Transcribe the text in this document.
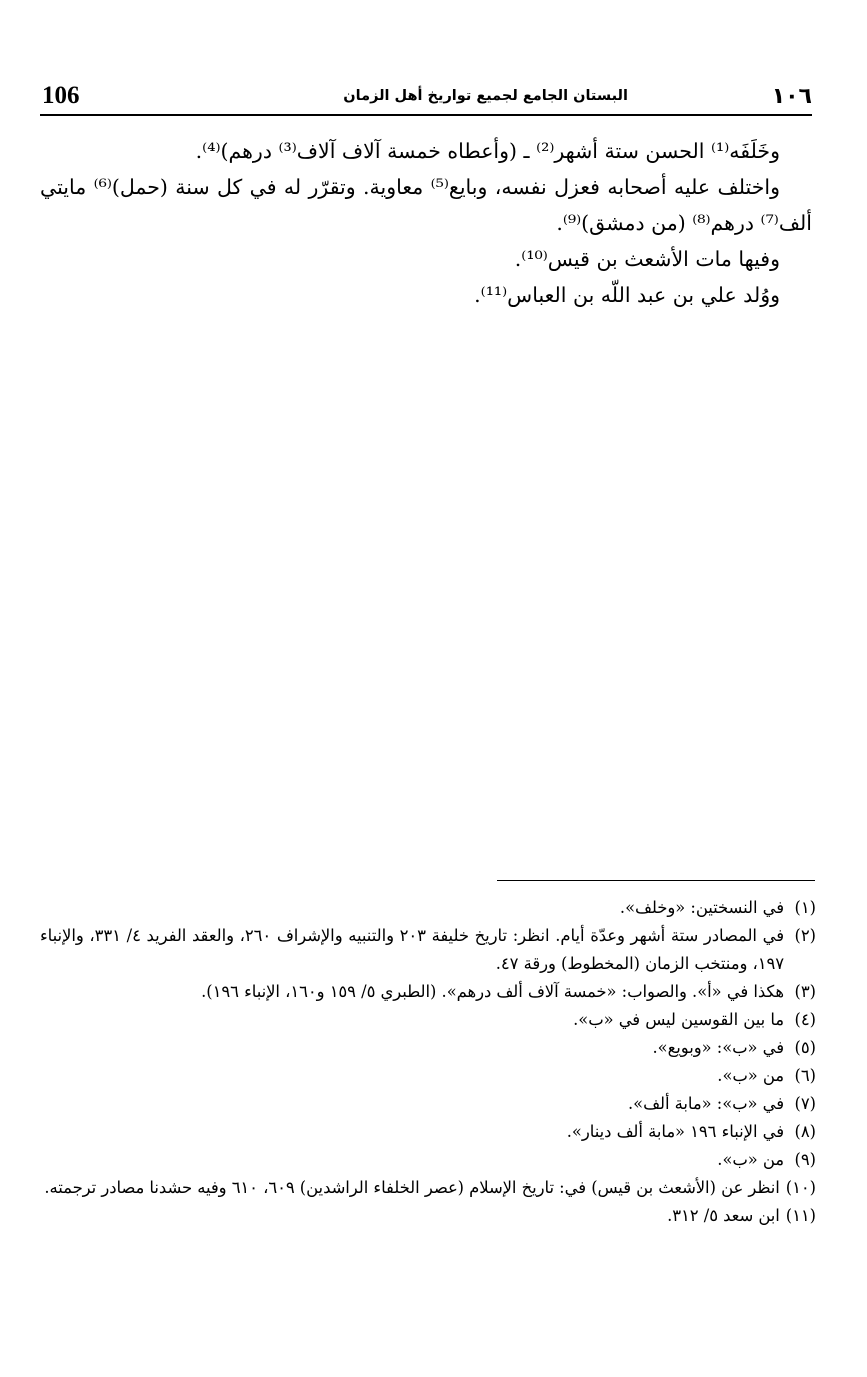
106	البستان الجامع لجميع تواريخ أهل الزمان	١٠٦

وخَلَفَه⁽¹⁾ الحسن ستة أشهر⁽²⁾ ـ (وأعطاه خمسة آلاف آلاف⁽³⁾ درهم)⁽⁴⁾.

واختلف عليه أصحابه فعزل نفسه، وبايع⁽⁵⁾ معاوية. وتقرّر له في كل سنة (حمل)⁽⁶⁾ مايتي ألف⁽⁷⁾ درهم⁽⁸⁾ (من دمشق)⁽⁹⁾.

وفيها مات الأشعث بن قيس⁽¹⁰⁾.

ووُلد علي بن عبد اللّه بن العباس⁽¹¹⁾.

(١)
في النسختين: «وخلف».
(٢)
في المصادر ستة أشهر وعدّة أيام. انظر: تاريخ خليفة ٢٠٣ والتنبيه والإشراف ٢٦٠، والعقد الفريد ٤/ ٣٣١، والإنباء ١٩٧، ومنتخب الزمان (المخطوط) ورقة ٤٧.
(٣)
هكذا في «أ». والصواب: «خمسة آلاف ألف درهم». (الطبري ٥/ ١٥٩ و١٦٠، الإنباء ١٩٦).
(٤)
ما بين القوسين ليس في «ب».
(٥)
في «ب»: «وبويع».
(٦)
من «ب».
(٧)
في «ب»: «مابة ألف».
(٨)
في الإنباء ١٩٦ «مابة ألف دينار».
(٩)
من «ب».
(١٠)
انظر عن (الأشعث بن قيس) في: تاريخ الإسلام (عصر الخلفاء الراشدين) ٦٠٩، ٦١٠ وفيه حشدنا مصادر ترجمته.
(١١)
ابن سعد ٥/ ٣١٢.
